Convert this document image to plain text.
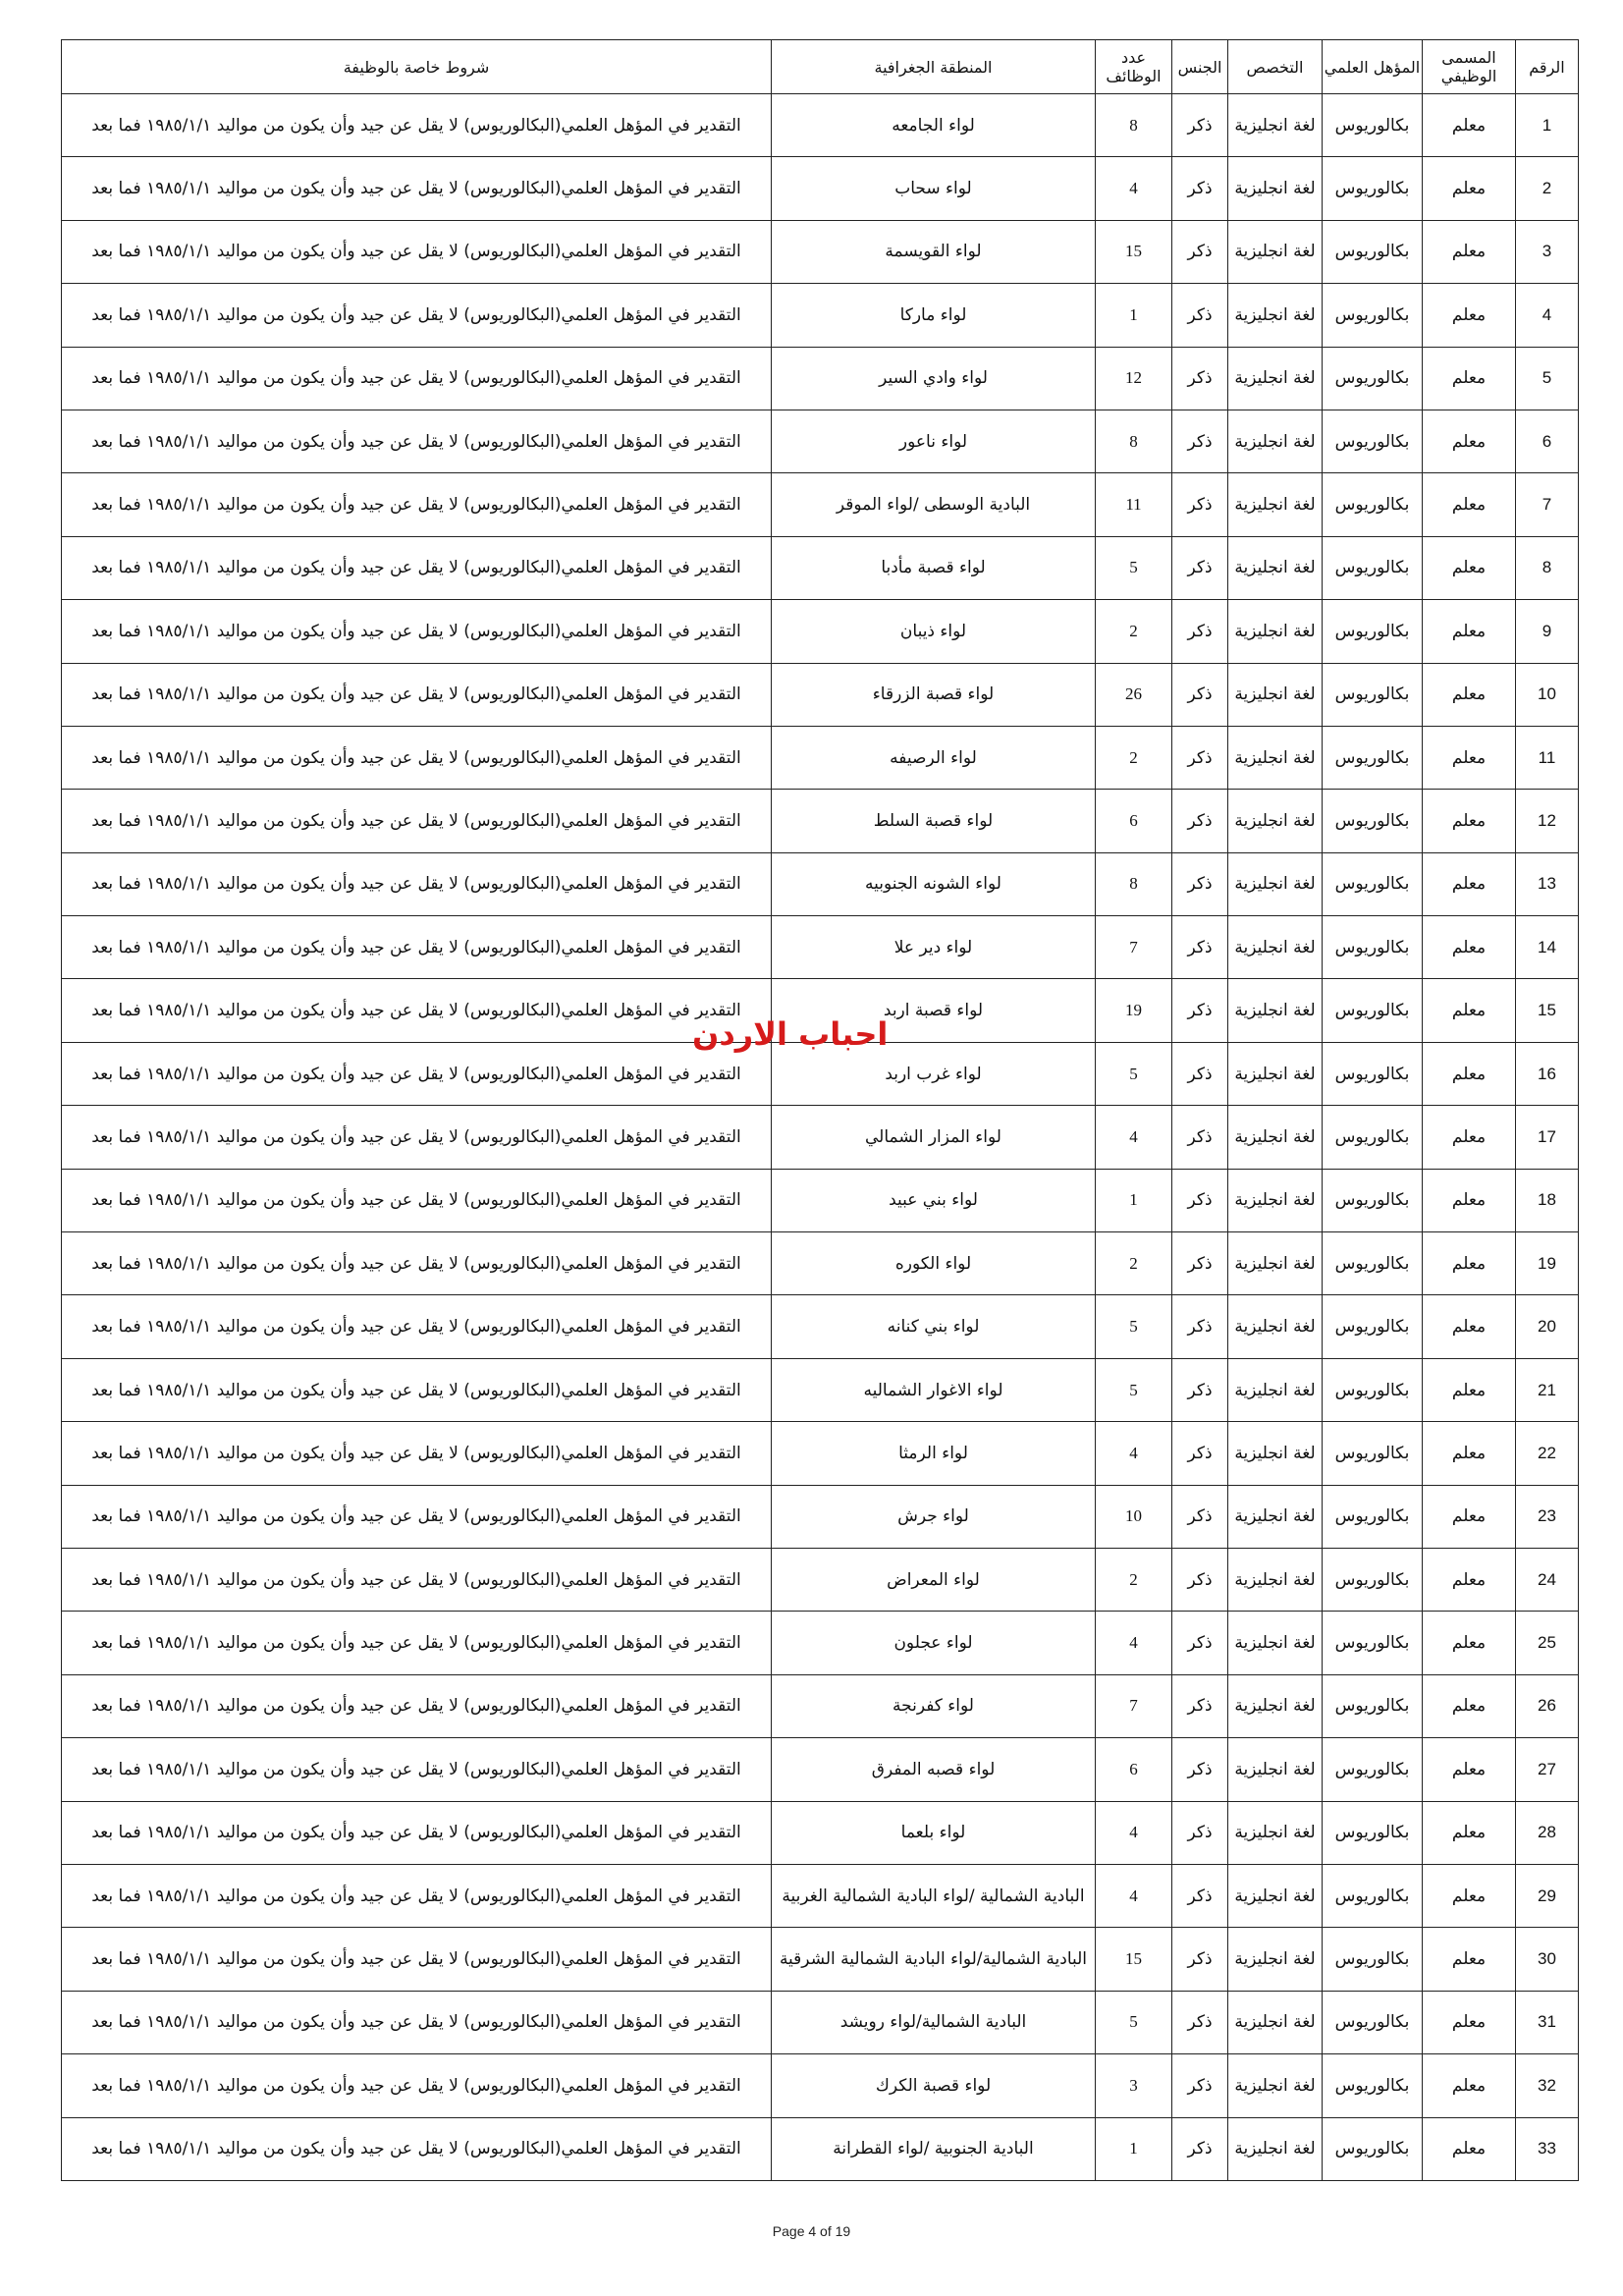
الرقم	المسمى الوظيفي	المؤهل العلمي	التخصص	الجنس	عدد الوظائف	المنطقة الجغرافية	شروط خاصة بالوظيفة
1	معلم	بكالوريوس	لغة انجليزية	ذكر	8	لواء الجامعه	التقدير في المؤهل العلمي(البكالوريوس) لا يقل عن جيد وأن يكون من مواليد ١٩٨٥/١/١ فما بعد
2	معلم	بكالوريوس	لغة انجليزية	ذكر	4	لواء سحاب	التقدير في المؤهل العلمي(البكالوريوس) لا يقل عن جيد وأن يكون من مواليد ١٩٨٥/١/١ فما بعد
3	معلم	بكالوريوس	لغة انجليزية	ذكر	15	لواء القويسمة	التقدير في المؤهل العلمي(البكالوريوس) لا يقل عن جيد وأن يكون من مواليد ١٩٨٥/١/١ فما بعد
4	معلم	بكالوريوس	لغة انجليزية	ذكر	1	لواء ماركا	التقدير في المؤهل العلمي(البكالوريوس) لا يقل عن جيد وأن يكون من مواليد ١٩٨٥/١/١ فما بعد
5	معلم	بكالوريوس	لغة انجليزية	ذكر	12	لواء وادي السير	التقدير في المؤهل العلمي(البكالوريوس) لا يقل عن جيد وأن يكون من مواليد ١٩٨٥/١/١ فما بعد
6	معلم	بكالوريوس	لغة انجليزية	ذكر	8	لواء ناعور	التقدير في المؤهل العلمي(البكالوريوس) لا يقل عن جيد وأن يكون من مواليد ١٩٨٥/١/١ فما بعد
7	معلم	بكالوريوس	لغة انجليزية	ذكر	11	البادية الوسطى /لواء الموقر	التقدير في المؤهل العلمي(البكالوريوس) لا يقل عن جيد وأن يكون من مواليد ١٩٨٥/١/١ فما بعد
8	معلم	بكالوريوس	لغة انجليزية	ذكر	5	لواء قصبة مأدبا	التقدير في المؤهل العلمي(البكالوريوس) لا يقل عن جيد وأن يكون من مواليد ١٩٨٥/١/١ فما بعد
9	معلم	بكالوريوس	لغة انجليزية	ذكر	2	لواء ذيبان	التقدير في المؤهل العلمي(البكالوريوس) لا يقل عن جيد وأن يكون من مواليد ١٩٨٥/١/١ فما بعد
10	معلم	بكالوريوس	لغة انجليزية	ذكر	26	لواء قصبة الزرقاء	التقدير في المؤهل العلمي(البكالوريوس) لا يقل عن جيد وأن يكون من مواليد ١٩٨٥/١/١ فما بعد
11	معلم	بكالوريوس	لغة انجليزية	ذكر	2	لواء الرصيفه	التقدير في المؤهل العلمي(البكالوريوس) لا يقل عن جيد وأن يكون من مواليد ١٩٨٥/١/١ فما بعد
12	معلم	بكالوريوس	لغة انجليزية	ذكر	6	لواء قصبة السلط	التقدير في المؤهل العلمي(البكالوريوس) لا يقل عن جيد وأن يكون من مواليد ١٩٨٥/١/١ فما بعد
13	معلم	بكالوريوس	لغة انجليزية	ذكر	8	لواء الشونه الجنوبيه	التقدير في المؤهل العلمي(البكالوريوس) لا يقل عن جيد وأن يكون من مواليد ١٩٨٥/١/١ فما بعد
14	معلم	بكالوريوس	لغة انجليزية	ذكر	7	لواء دير علا	التقدير في المؤهل العلمي(البكالوريوس) لا يقل عن جيد وأن يكون من مواليد ١٩٨٥/١/١ فما بعد
15	معلم	بكالوريوس	لغة انجليزية	ذكر	19	لواء قصبة اربد	التقدير في المؤهل العلمي(البكالوريوس) لا يقل عن جيد وأن يكون من مواليد ١٩٨٥/١/١ فما بعد
16	معلم	بكالوريوس	لغة انجليزية	ذكر	5	لواء غرب اربد	التقدير في المؤهل العلمي(البكالوريوس) لا يقل عن جيد وأن يكون من مواليد ١٩٨٥/١/١ فما بعد
17	معلم	بكالوريوس	لغة انجليزية	ذكر	4	لواء المزار الشمالي	التقدير في المؤهل العلمي(البكالوريوس) لا يقل عن جيد وأن يكون من مواليد ١٩٨٥/١/١ فما بعد
18	معلم	بكالوريوس	لغة انجليزية	ذكر	1	لواء بني عبيد	التقدير في المؤهل العلمي(البكالوريوس) لا يقل عن جيد وأن يكون من مواليد ١٩٨٥/١/١ فما بعد
19	معلم	بكالوريوس	لغة انجليزية	ذكر	2	لواء الكوره	التقدير في المؤهل العلمي(البكالوريوس) لا يقل عن جيد وأن يكون من مواليد ١٩٨٥/١/١ فما بعد
20	معلم	بكالوريوس	لغة انجليزية	ذكر	5	لواء بني كنانه	التقدير في المؤهل العلمي(البكالوريوس) لا يقل عن جيد وأن يكون من مواليد ١٩٨٥/١/١ فما بعد
21	معلم	بكالوريوس	لغة انجليزية	ذكر	5	لواء الاغوار الشماليه	التقدير في المؤهل العلمي(البكالوريوس) لا يقل عن جيد وأن يكون من مواليد ١٩٨٥/١/١ فما بعد
22	معلم	بكالوريوس	لغة انجليزية	ذكر	4	لواء الرمثا	التقدير في المؤهل العلمي(البكالوريوس) لا يقل عن جيد وأن يكون من مواليد ١٩٨٥/١/١ فما بعد
23	معلم	بكالوريوس	لغة انجليزية	ذكر	10	لواء جرش	التقدير في المؤهل العلمي(البكالوريوس) لا يقل عن جيد وأن يكون من مواليد ١٩٨٥/١/١ فما بعد
24	معلم	بكالوريوس	لغة انجليزية	ذكر	2	لواء المعراض	التقدير في المؤهل العلمي(البكالوريوس) لا يقل عن جيد وأن يكون من مواليد ١٩٨٥/١/١ فما بعد
25	معلم	بكالوريوس	لغة انجليزية	ذكر	4	لواء عجلون	التقدير في المؤهل العلمي(البكالوريوس) لا يقل عن جيد وأن يكون من مواليد ١٩٨٥/١/١ فما بعد
26	معلم	بكالوريوس	لغة انجليزية	ذكر	7	لواء كفرنجة	التقدير في المؤهل العلمي(البكالوريوس) لا يقل عن جيد وأن يكون من مواليد ١٩٨٥/١/١ فما بعد
27	معلم	بكالوريوس	لغة انجليزية	ذكر	6	لواء قصبه المفرق	التقدير في المؤهل العلمي(البكالوريوس) لا يقل عن جيد وأن يكون من مواليد ١٩٨٥/١/١ فما بعد
28	معلم	بكالوريوس	لغة انجليزية	ذكر	4	لواء بلعما	التقدير في المؤهل العلمي(البكالوريوس) لا يقل عن جيد وأن يكون من مواليد ١٩٨٥/١/١ فما بعد
29	معلم	بكالوريوس	لغة انجليزية	ذكر	4	البادية الشمالية /لواء البادية الشمالية الغربية	التقدير في المؤهل العلمي(البكالوريوس) لا يقل عن جيد وأن يكون من مواليد ١٩٨٥/١/١ فما بعد
30	معلم	بكالوريوس	لغة انجليزية	ذكر	15	البادية الشمالية/لواء البادية الشمالية الشرقية	التقدير في المؤهل العلمي(البكالوريوس) لا يقل عن جيد وأن يكون من مواليد ١٩٨٥/١/١ فما بعد
31	معلم	بكالوريوس	لغة انجليزية	ذكر	5	البادية الشمالية/لواء رويشد	التقدير في المؤهل العلمي(البكالوريوس) لا يقل عن جيد وأن يكون من مواليد ١٩٨٥/١/١ فما بعد
32	معلم	بكالوريوس	لغة انجليزية	ذكر	3	لواء قصبة الكرك	التقدير في المؤهل العلمي(البكالوريوس) لا يقل عن جيد وأن يكون من مواليد ١٩٨٥/١/١ فما بعد
33	معلم	بكالوريوس	لغة انجليزية	ذكر	1	البادية الجنوبية /لواء القطرانة	التقدير في المؤهل العلمي(البكالوريوس) لا يقل عن جيد وأن يكون من مواليد ١٩٨٥/١/١ فما بعد
احباب الاردن
Page 4 of 19
